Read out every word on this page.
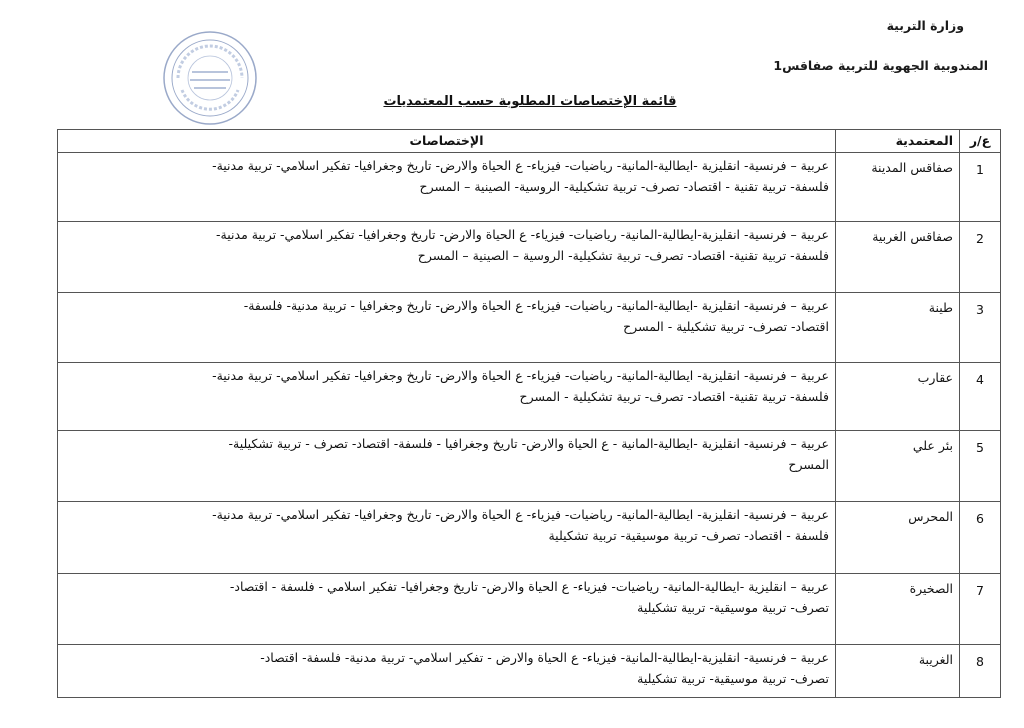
وزارة التربية
المندوبية الجهوية للتربية صفاقس1
قائمة الإختصاصات المطلوبة حسب المعتمديات
ع/ر	المعتمدية	الإختصاصات
1	صفاقس المدينة	عربية – فرنسية- انقليزية -ايطالية-المانية- رياضيات- فيزياء- ع الحياة والارض- تاريخ وجغرافيا- تفكير اسلامي- تربية مدنية-
فلسفة- تربية تقنية - اقتصاد- تصرف- تربية تشكيلية- الروسية- الصينية – المسرح

2	صفاقس الغربية	عربية – فرنسية- انقليزية-ايطالية-المانية- رياضيات- فيزياء- ع الحياة والارض- تاريخ وجغرافيا- تفكير اسلامي- تربية مدنية-
فلسفة- تربية تقنية- اقتصاد- تصرف- تربية تشكيلية- الروسية – الصينية – المسرح

3	طينة	عربية – فرنسية- انقليزية -ايطالية-المانية- رياضيات- فيزياء- ع الحياة والارض- تاريخ وجغرافيا - تربية مدنية- فلسفة-
اقتصاد- تصرف- تربية تشكيلية - المسرح

4	عقارب	عربية – فرنسية- انقليزية- ايطالية-المانية- رياضيات- فيزياء- ع الحياة والارض- تاريخ وجغرافيا- تفكير اسلامي- تربية مدنية-
فلسفة- تربية تقنية- اقتصاد- تصرف- تربية تشكيلية - المسرح

5	بئر علي	عربية – فرنسية- انقليزية -ايطالية-المانية - ع الحياة والارض- تاريخ وجغرافيا - فلسفة- اقتصاد- تصرف - تربية تشكيلية-
المسرح

6	المحرس	عربية – فرنسية- انقليزية- ايطالية-المانية- رياضيات- فيزياء- ع الحياة والارض- تاريخ وجغرافيا- تفكير اسلامي- تربية مدنية-
فلسفة - اقتصاد- تصرف- تربية موسيقية- تربية تشكيلية

7	الصخيرة	عربية – انقليزية -ايطالية-المانية- رياضيات- فيزياء- ع الحياة والارض- تاريخ وجغرافيا- تفكير اسلامي - فلسفة - اقتصاد-
تصرف- تربية موسيقية- تربية تشكيلية

8	الغريبة	عربية – فرنسية- انقليزية-ايطالية-المانية- فيزياء- ع الحياة والارض - تفكير اسلامي- تربية مدنية- فلسفة- اقتصاد-
تصرف- تربية موسيقية- تربية تشكيلية
